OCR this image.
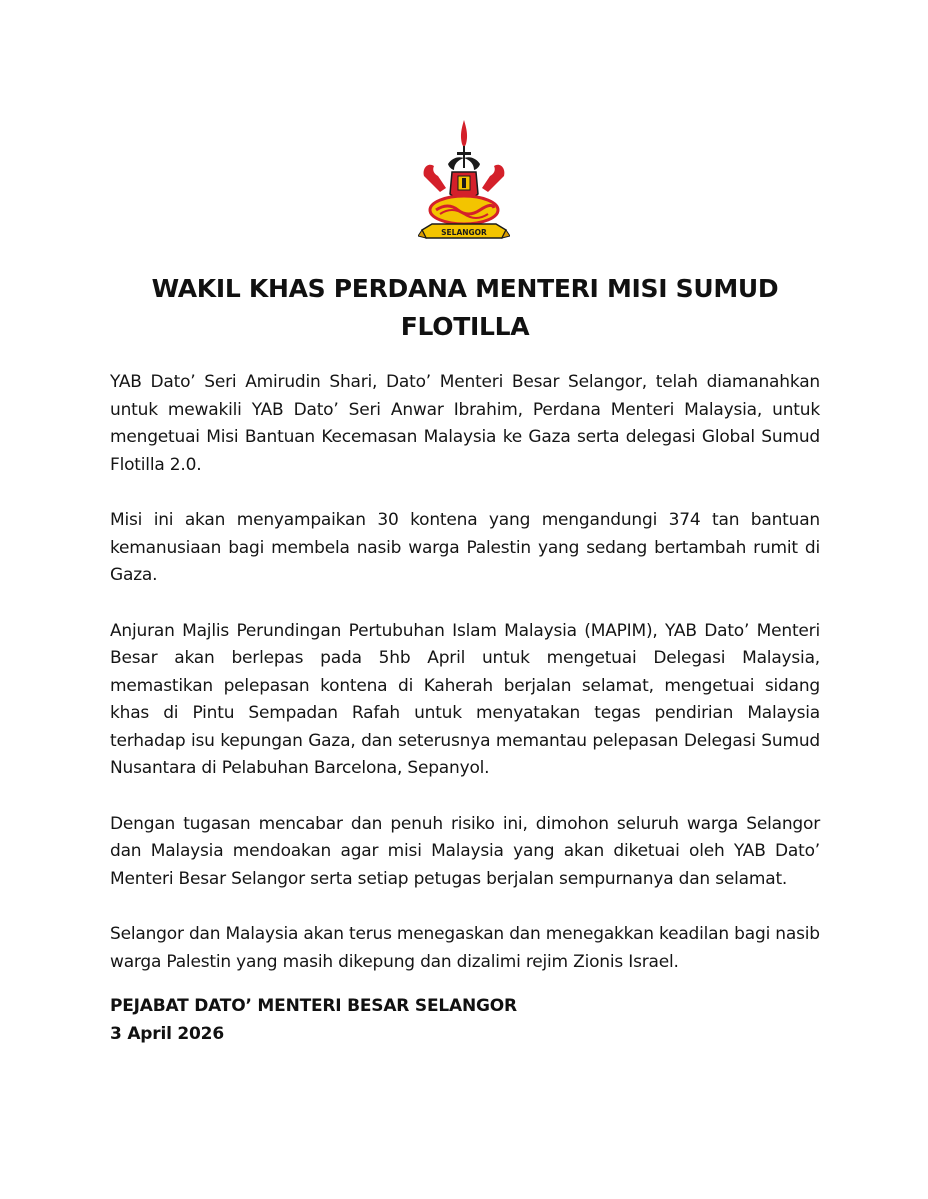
SELANGOR
WAKIL KHAS PERDANA MENTERI MISI SUMUD
FLOTILLA

YAB Dato’ Seri Amirudin Shari, Dato’ Menteri Besar Selangor, telah diamanahkan untuk mewakili YAB Dato’ Seri Anwar Ibrahim, Perdana Menteri Malaysia, untuk mengetuai Misi Bantuan Kecemasan Malaysia ke Gaza serta delegasi Global Sumud Flotilla 2.0.

Misi ini akan menyampaikan 30 kontena yang mengandungi 374 tan bantuan kemanusiaan bagi membela nasib warga Palestin yang sedang bertambah rumit di Gaza.

Anjuran Majlis Perundingan Pertubuhan Islam Malaysia (MAPIM), YAB Dato’ Menteri Besar akan berlepas pada 5hb April untuk mengetuai Delegasi Malaysia, memastikan pelepasan kontena di Kaherah berjalan selamat, mengetuai sidang khas di Pintu Sempadan Rafah untuk menyatakan tegas pendirian Malaysia terhadap isu kepungan Gaza, dan seterusnya memantau pelepasan Delegasi Sumud Nusantara di Pelabuhan Barcelona, Sepanyol.

Dengan tugasan mencabar dan penuh risiko ini, dimohon seluruh warga Selangor dan Malaysia mendoakan agar misi Malaysia yang akan diketuai oleh YAB Dato’ Menteri Besar Selangor serta setiap petugas berjalan sempurnanya dan selamat.

Selangor dan Malaysia akan terus menegaskan dan menegakkan keadilan bagi nasib warga Palestin yang masih dikepung dan dizalimi rejim Zionis Israel.

PEJABAT DATO’ MENTERI BESAR SELANGOR
3 April 2026
